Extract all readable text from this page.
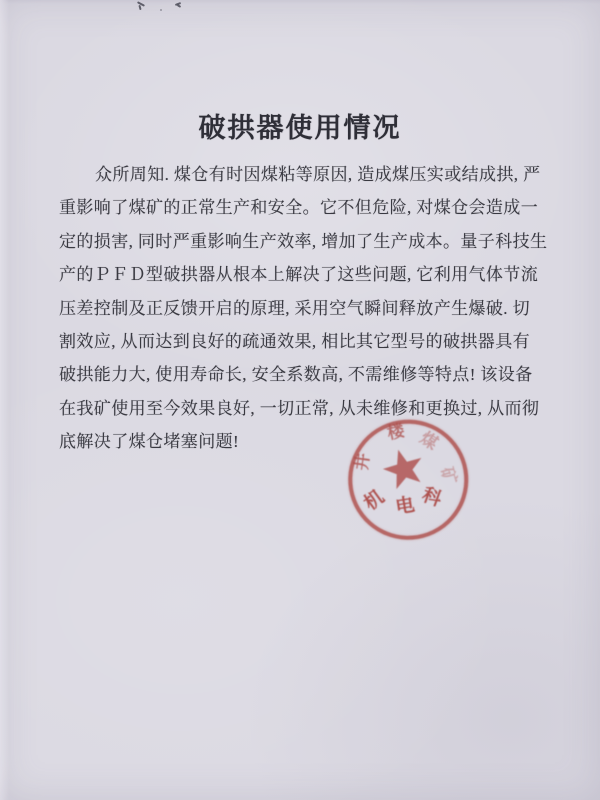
破拱器使用情况
众所周知. 煤仓有时因煤粘等原因, 造成煤压实或结成拱, 严
重影响了煤矿的正常生产和安全。它不但危险, 对煤仓会造成一
定的损害, 同时严重影响生产效率, 增加了生产成本。量子科技生
产的ＰＦＤ型破拱器从根本上解决了这些问题, 它利用气体节流
压差控制及正反馈开启的原理, 采用空气瞬间释放产生爆破. 切
割效应, 从而达到良好的疏通效果, 相比其它型号的破拱器具有
破拱能力大, 使用寿命长, 安全系数高, 不需维修等特点! 该设备
在我矿使用至今效果良好, 一切正常, 从未维修和更换过, 从而彻
底解决了煤仓堵塞问题!
井
楼 煤
矿
机 电 科
